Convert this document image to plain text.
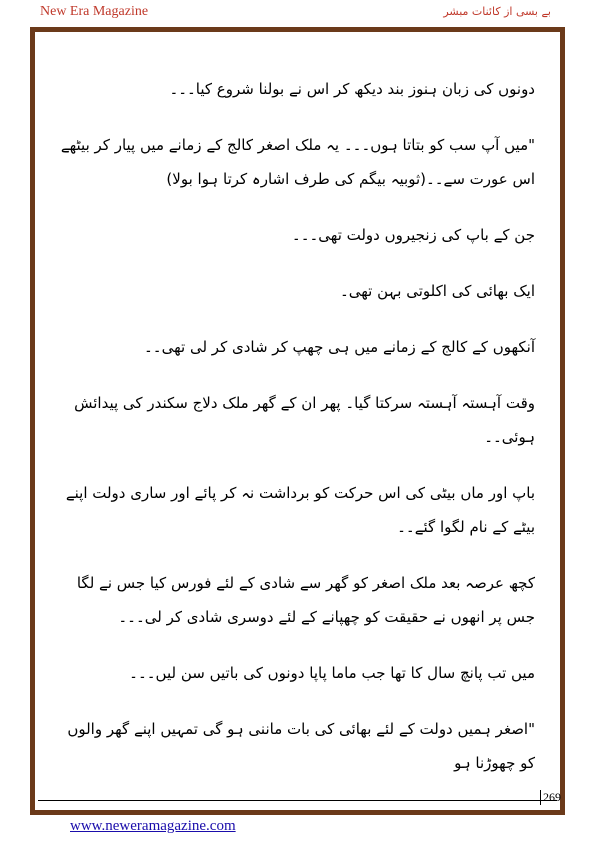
New Era Magazine	بے بسی از کائنات مبشر

دونوں کی زبان ہنوز بند دیکھ کر اس نے بولنا شروع کیا۔۔۔

"میں آپ سب کو بتاتا ہوں۔۔۔ یہ ملک اصغر کالج کے زمانے میں پیار کر بیٹھے اس عورت سے۔۔(ثوبیہ بیگم کی طرف اشارہ کرتا ہوا بولا)

جن کے باپ کی زنجیروں دولت تھی۔۔۔

ایک بھائی کی اکلوتی بہن تھی۔

آنکھوں کے کالج کے زمانے میں ہی چھپ کر شادی کر لی تھی۔۔

وقت آہستہ آہستہ سرکتا گیا۔ پھر ان کے گھر ملک دلاج سکندر کی پیدائش ہوئی۔۔

باپ اور ماں بیٹی کی اس حرکت کو برداشت نہ کر پائے اور ساری دولت اپنے بیٹے کے نام لگوا گئے۔۔

کچھ عرصہ بعد ملک اصغر کو گھر سے شادی کے لئے فورس کیا جس نے لگا جس پر انھوں نے حقیقت کو چھپانے کے لئے دوسری شادی کر لی۔۔۔

میں تب پانچ سال کا تھا جب ماما پاپا دونوں کی باتیں سن لیں۔۔۔

"اصغر ہمیں دولت کے لئے بھائی کی بات ماننی ہو گی تمہیں اپنے گھر والوں کو چھوڑنا ہو

269
www.neweramagazine.com
